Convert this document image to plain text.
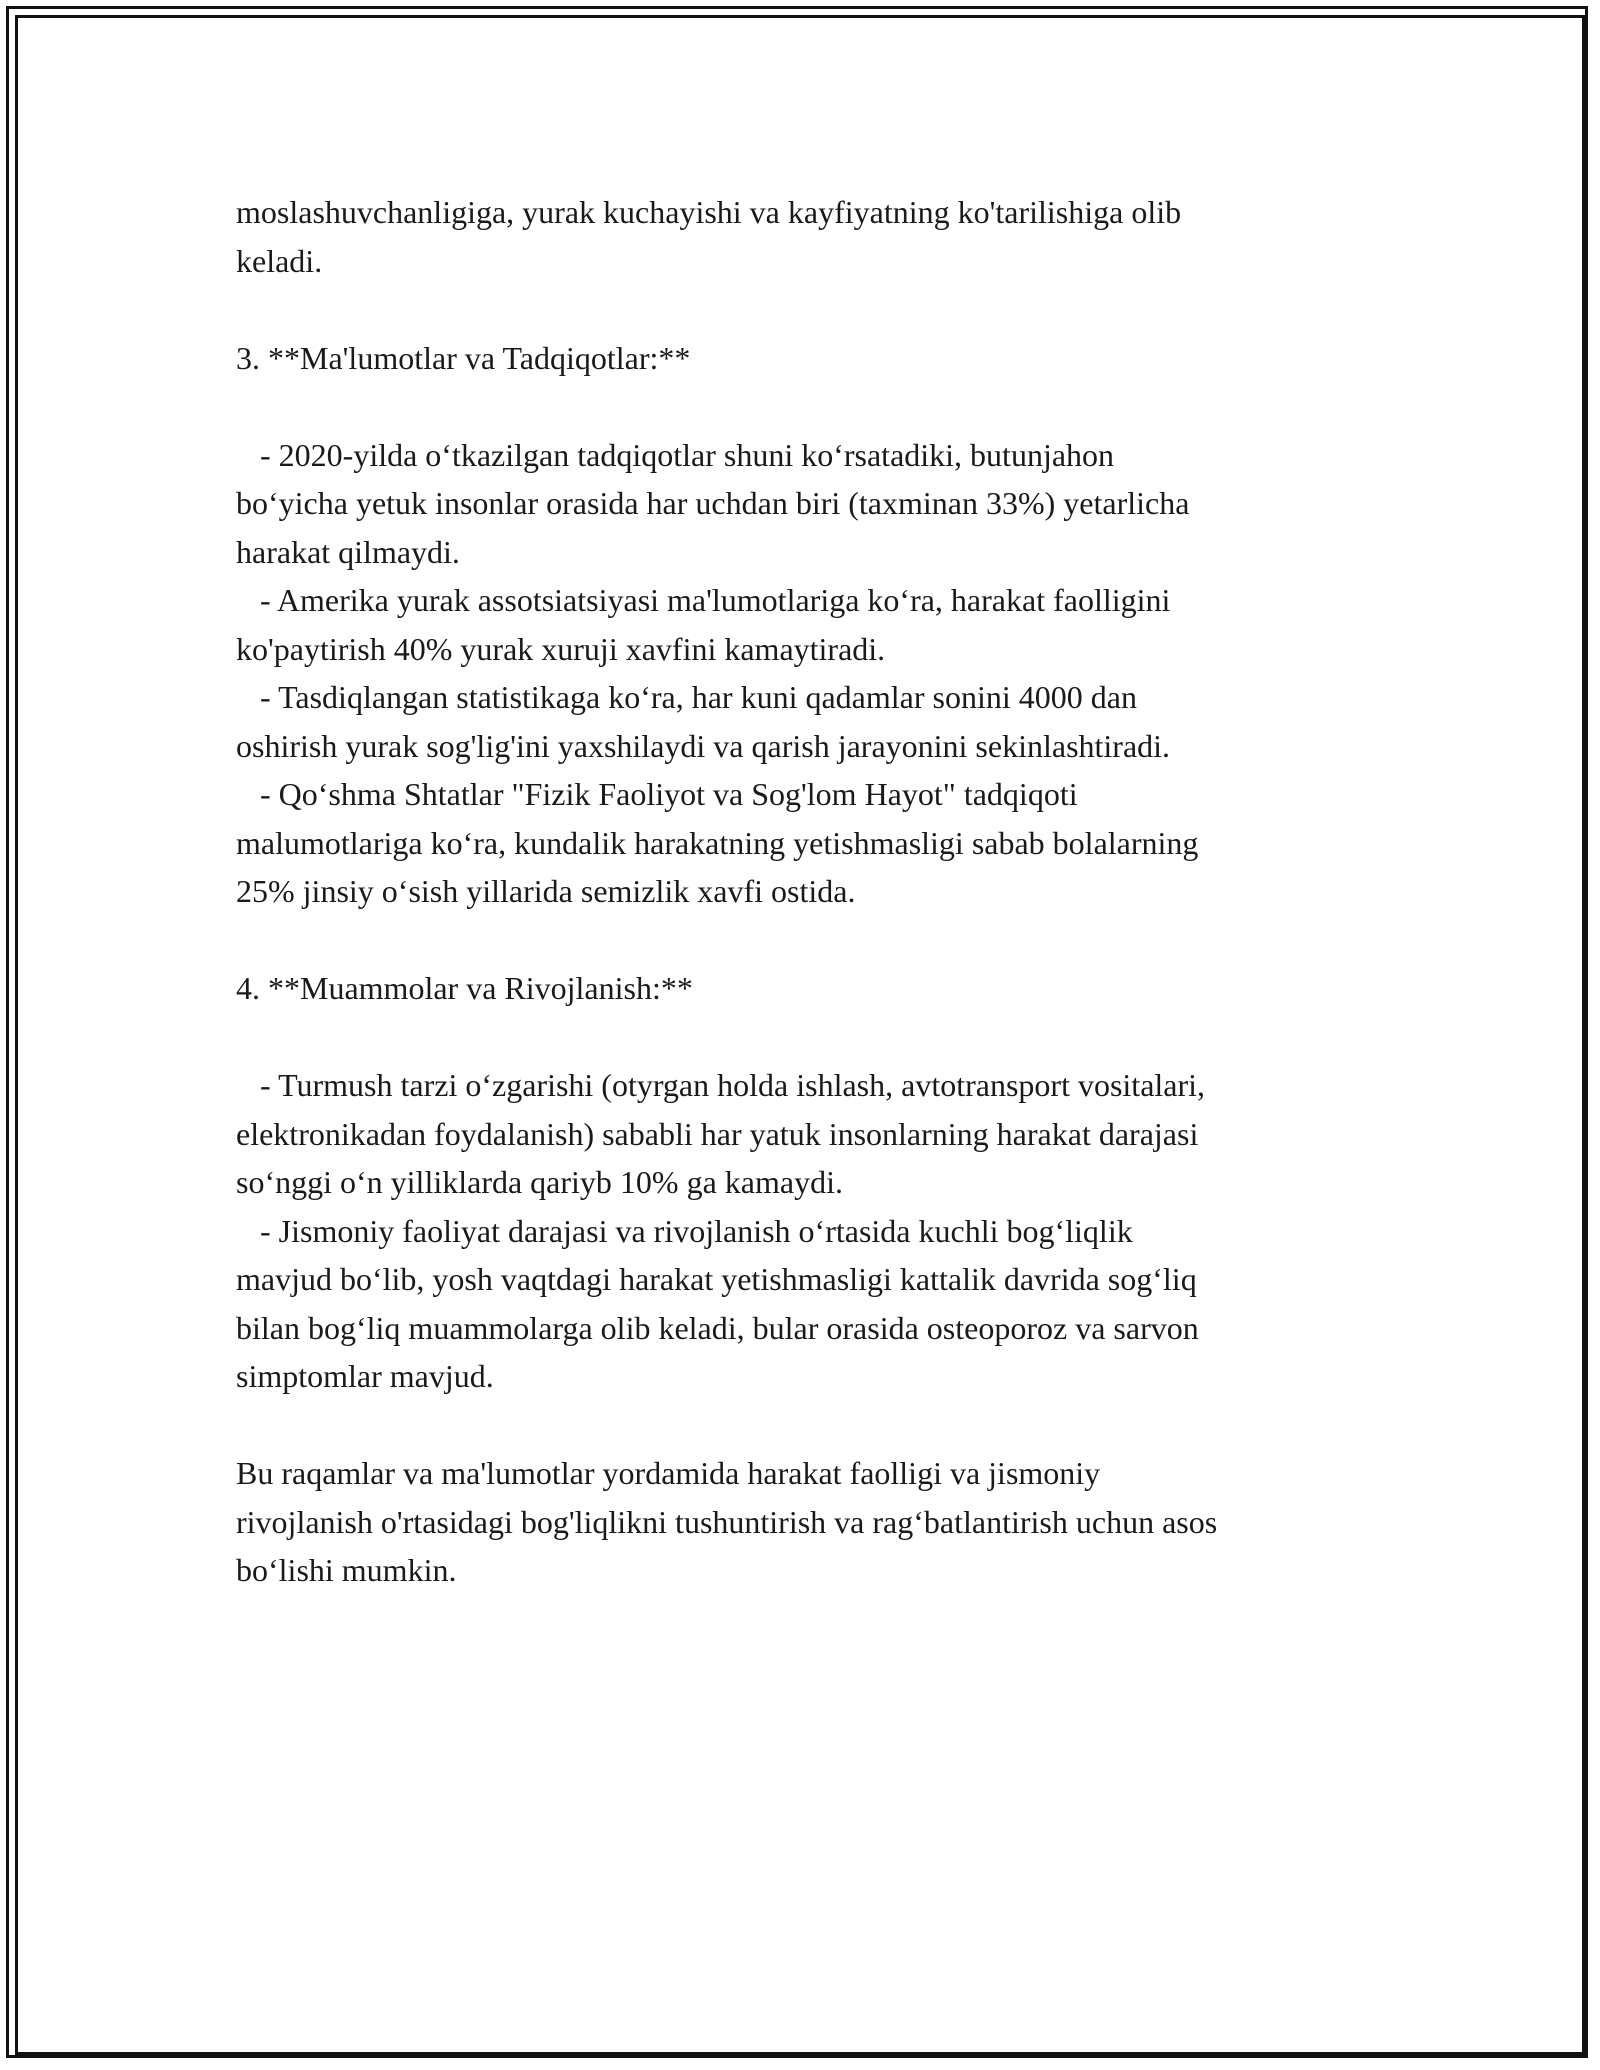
moslashuvchanligiga, yurak kuchayishi va kayfiyatning ko'tarilishiga olib
keladi.
3. **Ma'lumotlar va Tadqiqotlar:**
- 2020-yilda o‘tkazilgan tadqiqotlar shuni ko‘rsatadiki, butunjahon
bo‘yicha yetuk insonlar orasida har uchdan biri (taxminan 33%) yetarlicha
harakat qilmaydi.
- Amerika yurak assotsiatsiyasi ma'lumotlariga ko‘ra, harakat faolligini
ko'paytirish 40% yurak xuruji xavfini kamaytiradi.
- Tasdiqlangan statistikaga ko‘ra, har kuni qadamlar sonini 4000 dan
oshirish yurak sog'lig'ini yaxshilaydi va qarish jarayonini sekinlashtiradi.
- Qo‘shma Shtatlar "Fizik Faoliyot va Sog'lom Hayot" tadqiqoti
malumotlariga ko‘ra, kundalik harakatning yetishmasligi sabab bolalarning
25% jinsiy o‘sish yillarida semizlik xavfi ostida.
4. **Muammolar va Rivojlanish:**
- Turmush tarzi o‘zgarishi (otyrgan holda ishlash, avtotransport vositalari,
elektronikadan foydalanish) sababli har yatuk insonlarning harakat darajasi
so‘nggi o‘n yilliklarda qariyb 10% ga kamaydi.
- Jismoniy faoliyat darajasi va rivojlanish o‘rtasida kuchli bog‘liqlik
mavjud bo‘lib, yosh vaqtdagi harakat yetishmasligi kattalik davrida sog‘liq
bilan bog‘liq muammolarga olib keladi, bular orasida osteoporoz va sarvon
simptomlar mavjud.
Bu raqamlar va ma'lumotlar yordamida harakat faolligi va jismoniy
rivojlanish o'rtasidagi bog'liqlikni tushuntirish va rag‘batlantirish uchun asos
bo‘lishi mumkin.
